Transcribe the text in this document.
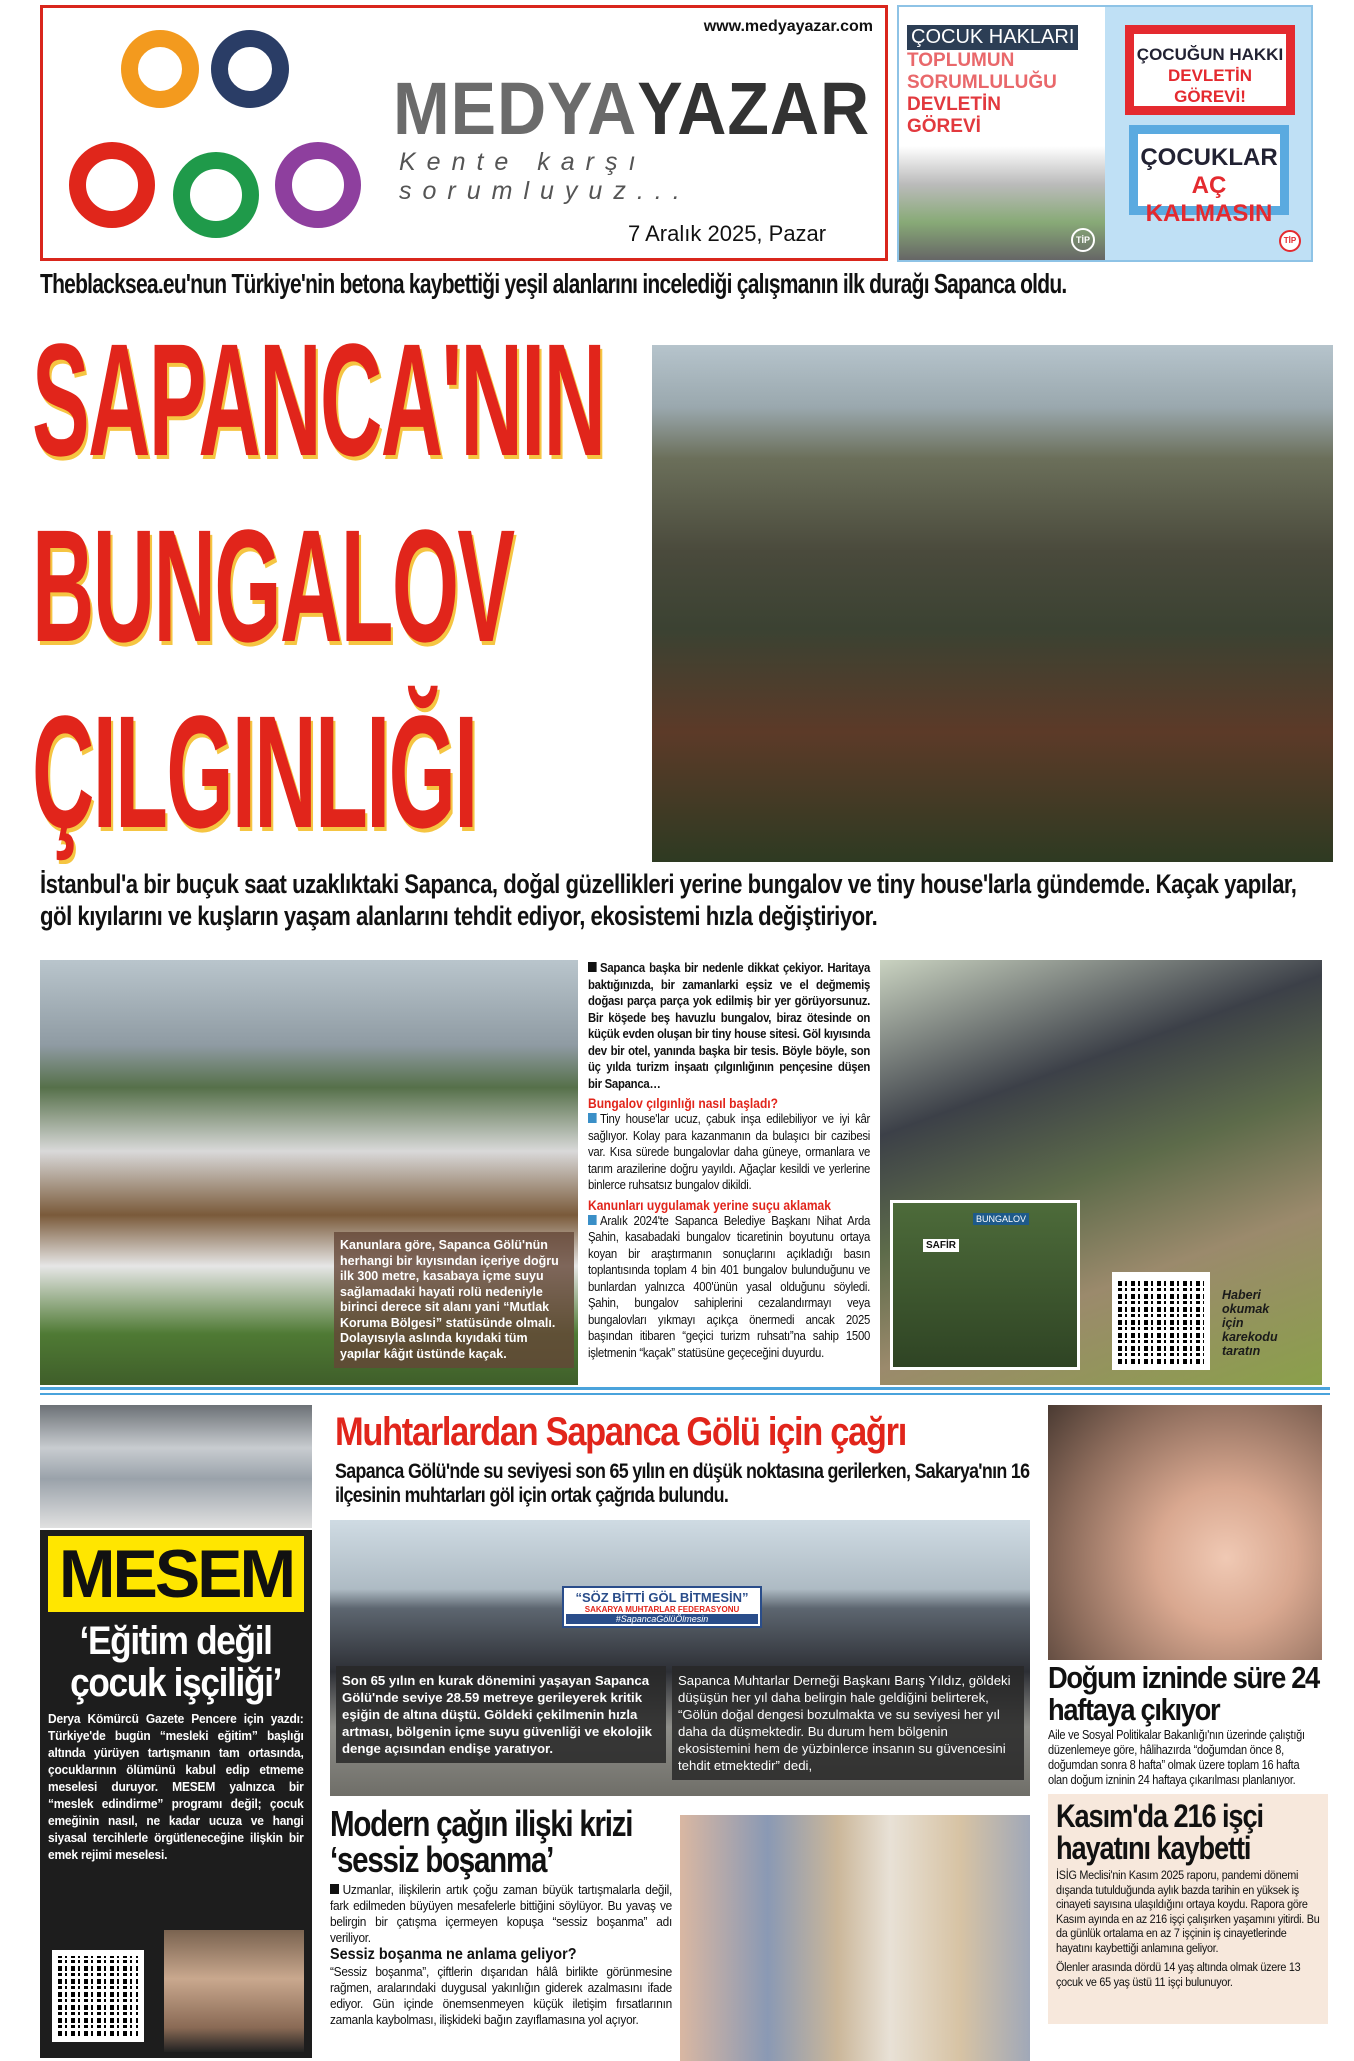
www.medyayazar.com
MEDYAYAZAR
Kente karşı sorumluyuz...
7 Aralık 2025, Pazar
ÇOCUK HAKLARI
TOPLUMUN
SORUMLULUĞU
DEVLETİN
GÖREVİ
TİP
ÇOCUĞUN HAKKI
DEVLETİN GÖREVİ!
ÇOCUKLAR
AÇ KALMASIN
TİP
Theblacksea.eu'nun Türkiye'nin betona kaybettiği yeşil alanlarını incelediği çalışmanın ilk durağı Sapanca oldu.
SAPANCA'NIN
BUNGALOV
ÇILGINLIĞI
İstanbul'a bir buçuk saat uzaklıktaki Sapanca, doğal güzellikleri yerine bungalov ve tiny house'larla gündemde. Kaçak yapılar, göl kıyılarını ve kuşların yaşam alanlarını tehdit ediyor, ekosistemi hızla değiştiriyor.
Kanunlara göre, Sapanca Gölü'nün herhangi bir kıyısından içeriye doğru ilk 300 metre, kasabaya içme suyu sağlamadaki hayati rolü nedeniyle birinci derece sit alanı yani “Mutlak Koruma Bölgesi” statüsünde olmalı. Dolayısıyla aslında kıyıdaki tüm yapılar kâğıt üstünde kaçak.
Sapanca başka bir nedenle dikkat çekiyor. Haritaya baktığınızda, bir zamanlarki eşsiz ve el değmemiş doğası parça parça yok edilmiş bir yer görüyorsunuz. Bir köşede beş havuzlu bungalov, biraz ötesinde on küçük evden oluşan bir tiny house sitesi. Göl kıyısında dev bir otel, yanında başka bir tesis. Böyle böyle, son üç yılda turizm inşaatı çılgınlığının pençesine düşen bir Sapanca…
Bungalov çılgınlığı nasıl başladı?
Tiny house'lar ucuz, çabuk inşa edilebiliyor ve iyi kâr sağlıyor. Kolay para kazanmanın da bulaşıcı bir cazibesi var. Kısa sürede bungalovlar daha güneye, ormanlara ve tarım arazilerine doğru yayıldı. Ağaçlar kesildi ve yerlerine binlerce ruhsatsız bungalov dikildi.
Kanunları uygulamak yerine suçu aklamak
Aralık 2024'te Sapanca Belediye Başkanı Nihat Arda Şahin, kasabadaki bungalov ticaretinin boyutunu ortaya koyan bir araştırmanın sonuçlarını açıkladığı basın toplantısında toplam 4 bin 401 bungalov bulunduğunu ve bunlardan yalnızca 400'ünün yasal olduğunu söyledi. Şahin, bungalov sahiplerini cezalandırmayı veya bungalovları yıkmayı açıkça önermedi ancak 2025 başından itibaren “geçici turizm ruhsatı”na sahip 1500 işletmenin “kaçak” statüsüne geçeceğini duyurdu.
SAFİR
BUNGALOV
Haberi okumak için karekodu taratın
MESEM
‘Eğitim değil çocuk işçiliği’
Derya Kömürcü Gazete Pencere için yazdı: Türkiye'de bugün “mesleki eğitim” başlığı altında yürüyen tartışmanın tam ortasında, çocuklarının ölümünü kabul edip etmeme meselesi duruyor. MESEM yalnızca bir “meslek edindirme” programı değil; çocuk emeğinin nasıl, ne kadar ucuza ve hangi siyasal tercihlerle örgütleneceğine ilişkin bir emek rejimi meselesi.
Muhtarlardan Sapanca Gölü için çağrı
Sapanca Gölü'nde su seviyesi son 65 yılın en düşük noktasına gerilerken, Sakarya'nın 16 ilçesinin muhtarları göl için ortak çağrıda bulundu.
“SÖZ BİTTİ GÖL BİTMESİN”
SAKARYA MUHTARLAR FEDERASYONU
#SapancaGölüÖlmesin
Son 65 yılın en kurak dönemini yaşayan Sapanca Gölü'nde seviye 28.59 metreye gerileyerek kritik eşiğin de altına düştü. Göldeki çekilmenin hızla artması, bölgenin içme suyu güvenliği ve ekolojik denge açısından endişe yaratıyor.
Sapanca Muhtarlar Derneği Başkanı Barış Yıldız, göldeki düşüşün her yıl daha belirgin hale geldiğini belirterek, “Gölün doğal dengesi bozulmakta ve su seviyesi her yıl daha da düşmektedir. Bu durum hem bölgenin ekosistemini hem de yüzbinlerce insanın su güvencesini tehdit etmektedir” dedi,
Modern çağın ilişki krizi ‘sessiz boşanma’
Uzmanlar, ilişkilerin artık çoğu zaman büyük tartışmalarla değil, fark edilmeden büyüyen mesafelerle bittiğini söylüyor. Bu yavaş ve belirgin bir çatışma içermeyen kopuşa “sessiz boşanma” adı veriliyor.
Sessiz boşanma ne anlama geliyor?
“Sessiz boşanma”, çiftlerin dışarıdan hâlâ birlikte görünmesine rağmen, aralarındaki duygusal yakınlığın giderek azalmasını ifade ediyor. Gün içinde önemsenmeyen küçük iletişim fırsatlarının zamanla kaybolması, ilişkideki bağın zayıflamasına yol açıyor.
Doğum izninde süre 24 haftaya çıkıyor
Aile ve Sosyal Politikalar Bakanlığı'nın üzerinde çalıştığı düzenlemeye göre, hâlihazırda “doğumdan önce 8, doğumdan sonra 8 hafta” olmak üzere toplam 16 hafta olan doğum izninin 24 haftaya çıkarılması planlanıyor.
Kasım'da 216 işçi hayatını kaybetti
İSİG Meclisi'nin Kasım 2025 raporu, pandemi dönemi dışanda tutulduğunda aylık bazda tarihin en yüksek iş cinayeti sayısına ulaşıldığını ortaya koydu. Rapora göre Kasım ayında en az 216 işçi çalışırken yaşamını yitirdi. Bu da günlük ortalama en az 7 işçinin iş cinayetlerinde hayatını kaybettiği anlamına geliyor.
Ölenler arasında dördü 14 yaş altında olmak üzere 13 çocuk ve 65 yaş üstü 11 işçi bulunuyor.
